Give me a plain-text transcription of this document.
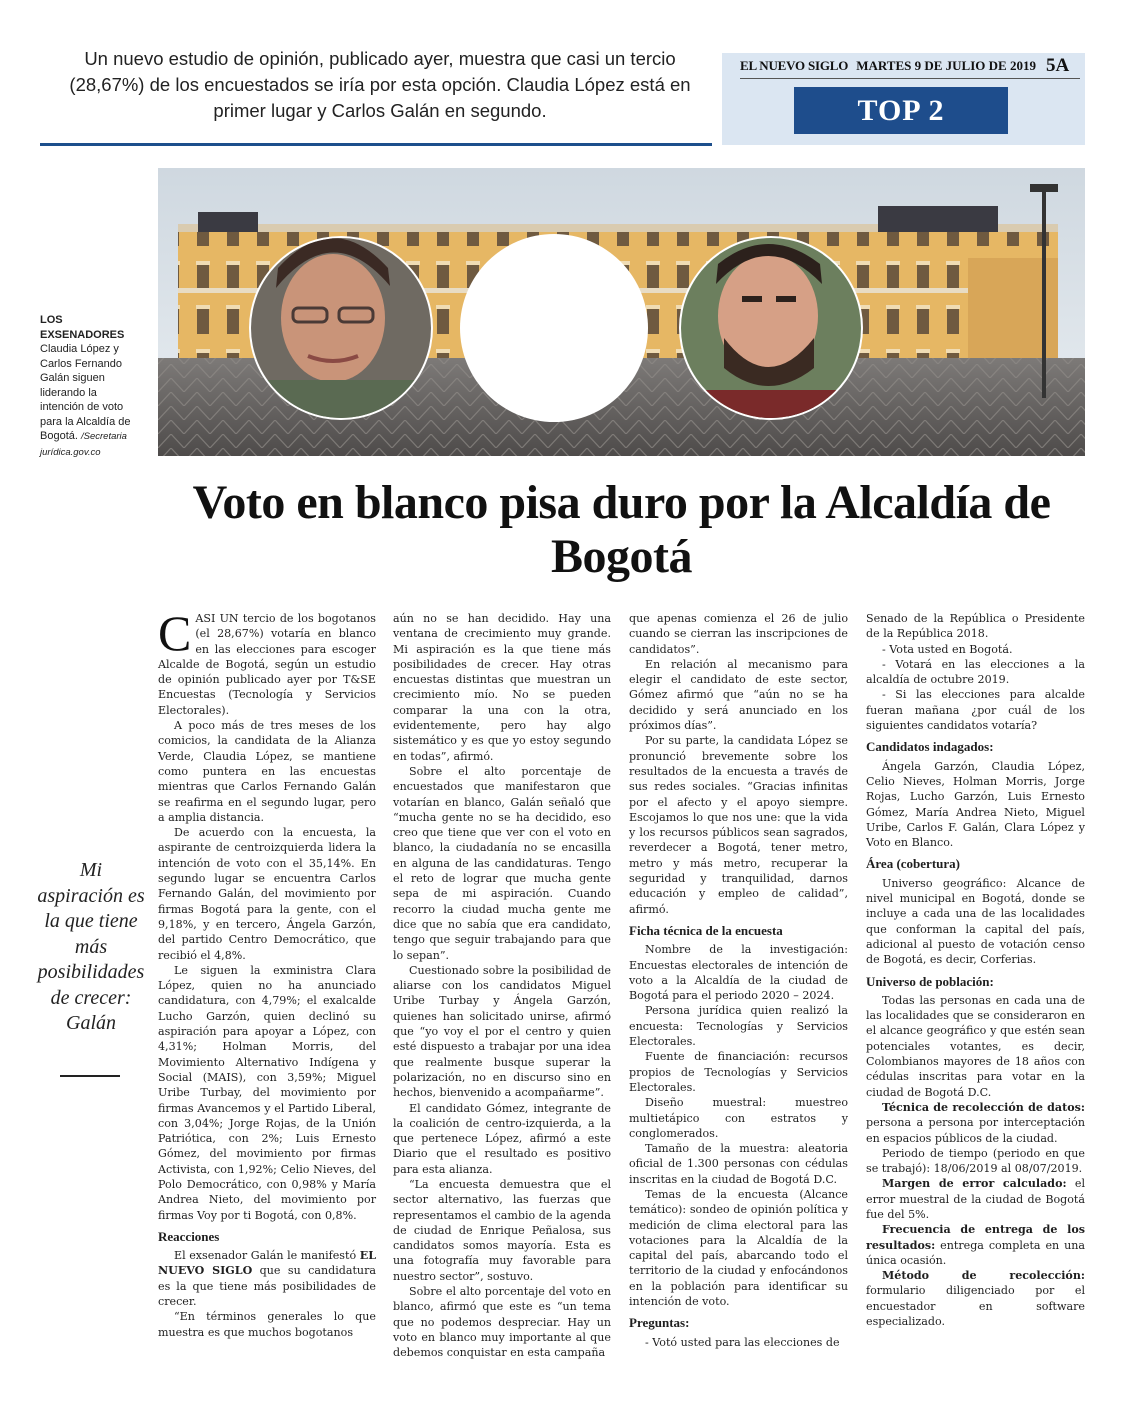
Un nuevo estudio de opinión, publicado ayer, muestra que casi un tercio (28,67%) de los encuestados se iría por esta opción. Claudia López está en primer lugar y Carlos Galán en segundo.
EL NUEVO SIGLO MARTES 9 DE JULIO DE 2019 5A
TOP 2
LOS EXSENADORES
Claudia López y Carlos Fernando Galán siguen liderando la intención de voto para la Alcaldía de Bogotá. /Secretaria jurídica.gov.co
Voto en blanco pisa duro por la Alcaldía de Bogotá
Mi aspiración es la que tiene más posibilidades de crecer: Galán

CASI UN tercio de los bogotanos (el 28,67%) votaría en blanco en las elecciones para escoger Alcalde de Bogotá, según un estudio de opinión publicado ayer por T&SE Encuestas (Tecnología y Servicios Electorales).

A poco más de tres meses de los comicios, la candidata de la Alianza Verde, Claudia López, se mantiene como puntera en las encuestas mientras que Carlos Fernando Galán se reafirma en el segundo lugar, pero a amplia distancia.

De acuerdo con la encuesta, la aspirante de centroizquierda lidera la intención de voto con el 35,14%. En segundo lugar se encuentra Carlos Fernando Galán, del movimiento por firmas Bogotá para la gente, con el 9,18%, y en tercero, Ángela Garzón, del partido Centro Democrático, que recibió el 4,8%.

Le siguen la exministra Clara López, quien no ha anunciado candidatura, con 4,79%; el exalcalde Lucho Garzón, quien declinó su aspiración para apoyar a López, con 4,31%; Holman Morris, del Movimiento Alternativo Indígena y Social (MAIS), con 3,59%; Miguel Uribe Turbay, del movimiento por firmas Avancemos y el Partido Liberal, con 3,04%; Jorge Rojas, de la Unión Patriótica, con 2%; Luis Ernesto Gómez, del movimiento por firmas Activista, con 1,92%; Celio Nieves, del Polo Democrático, con 0,98% y María Andrea Nieto, del movimiento por firmas Voy por ti Bogotá, con 0,8%.

Reacciones

El exsenador Galán le manifestó EL NUEVO SIGLO que su candidatura es la que tiene más posibilidades de crecer.

“En términos generales lo que muestra es que muchos bogotanos

aún no se han decidido. Hay una ventana de crecimiento muy grande. Mi aspiración es la que tiene más posibilidades de crecer. Hay otras encuestas distintas que muestran un crecimiento mío. No se pueden comparar la una con la otra, evidentemente, pero hay algo sistemático y es que yo estoy segundo en todas”, afirmó.

Sobre el alto porcentaje de encuestados que manifestaron que votarían en blanco, Galán señaló que “mucha gente no se ha decidido, eso creo que tiene que ver con el voto en blanco, la ciudadanía no se encasilla en alguna de las candidaturas. Tengo el reto de lograr que mucha gente sepa de mi aspiración. Cuando recorro la ciudad mucha gente me dice que no sabía que era candidato, tengo que seguir trabajando para que lo sepan”.

Cuestionado sobre la posibilidad de aliarse con los candidatos Miguel Uribe Turbay y Ángela Garzón, quienes han solicitado unirse, afirmó que “yo voy el por el centro y quien esté dispuesto a trabajar por una idea que realmente busque superar la polarización, no en discurso sino en hechos, bienvenido a acompañarme”.

El candidato Gómez, integrante de la coalición de centro-izquierda, a la que pertenece López, afirmó a este Diario que el resultado es positivo para esta alianza.

“La encuesta demuestra que el sector alternativo, las fuerzas que representamos el cambio de la agenda de ciudad de Enrique Peñalosa, sus candidatos somos mayoría. Esta es una fotografía muy favorable para nuestro sector”, sostuvo.

Sobre el alto porcentaje del voto en blanco, afirmó que este es “un tema que no podemos despreciar. Hay un voto en blanco muy importante al que debemos conquistar en esta campaña

que apenas comienza el 26 de julio cuando se cierran las inscripciones de candidatos”.

En relación al mecanismo para elegir el candidato de este sector, Gómez afirmó que “aún no se ha decidido y será anunciado en los próximos días”.

Por su parte, la candidata López se pronunció brevemente sobre los resultados de la encuesta a través de sus redes sociales. “Gracias infinitas por el afecto y el apoyo siempre. Escojamos lo que nos une: que la vida y los recursos públicos sean sagrados, reverdecer a Bogotá, tener metro, metro y más metro, recuperar la seguridad y tranquilidad, darnos educación y empleo de calidad”, afirmó.

Ficha técnica de la encuesta

Nombre de la investigación: Encuestas electorales de intención de voto a la Alcaldía de la ciudad de Bogotá para el periodo 2020 – 2024.

Persona jurídica quien realizó la encuesta: Tecnologías y Servicios Electorales.

Fuente de financiación: recursos propios de Tecnologías y Servicios Electorales.

Diseño muestral: muestreo multietápico con estratos y conglomerados.

Tamaño de la muestra: aleatoria oficial de 1.300 personas con cédulas inscritas en la ciudad de Bogotá D.C.

Temas de la encuesta (Alcance temático): sondeo de opinión política y medición de clima electoral para las votaciones para la Alcaldía de la capital del país, abarcando todo el territorio de la ciudad y enfocándonos en la población para identificar su intención de voto.

Preguntas:

- Votó usted para las elecciones de

Senado de la República o Presidente de la República 2018.

- Vota usted en Bogotá.

- Votará en las elecciones a la alcaldía de octubre 2019.

- Si las elecciones para alcalde fueran mañana ¿por cuál de los siguientes candidatos votaría?

Candidatos indagados:

Ángela Garzón, Claudia López, Celio Nieves, Holman Morris, Jorge Rojas, Lucho Garzón, Luis Ernesto Gómez, María Andrea Nieto, Miguel Uribe, Carlos F. Galán, Clara López y Voto en Blanco.

Área (cobertura)

Universo geográfico: Alcance de nivel municipal en Bogotá, donde se incluye a cada una de las localidades que conforman la capital del país, adicional al puesto de votación censo de Bogotá, es decir, Corferias.

Universo de población:

Todas las personas en cada una de las localidades que se consideraron en el alcance geográfico y que estén sean potenciales votantes, es decir, Colombianos mayores de 18 años con cédulas inscritas para votar en la ciudad de Bogotá D.C.

Técnica de recolección de datos: persona a persona por interceptación en espacios públicos de la ciudad.

Periodo de tiempo (periodo en que se trabajó): 18/06/2019 al 08/07/2019.

Margen de error calculado: el error muestral de la ciudad de Bogotá fue del 5%.

Frecuencia de entrega de los resultados: entrega completa en una única ocasión.

Método de recolección: formulario diligenciado por el encuestador en software especializado.
